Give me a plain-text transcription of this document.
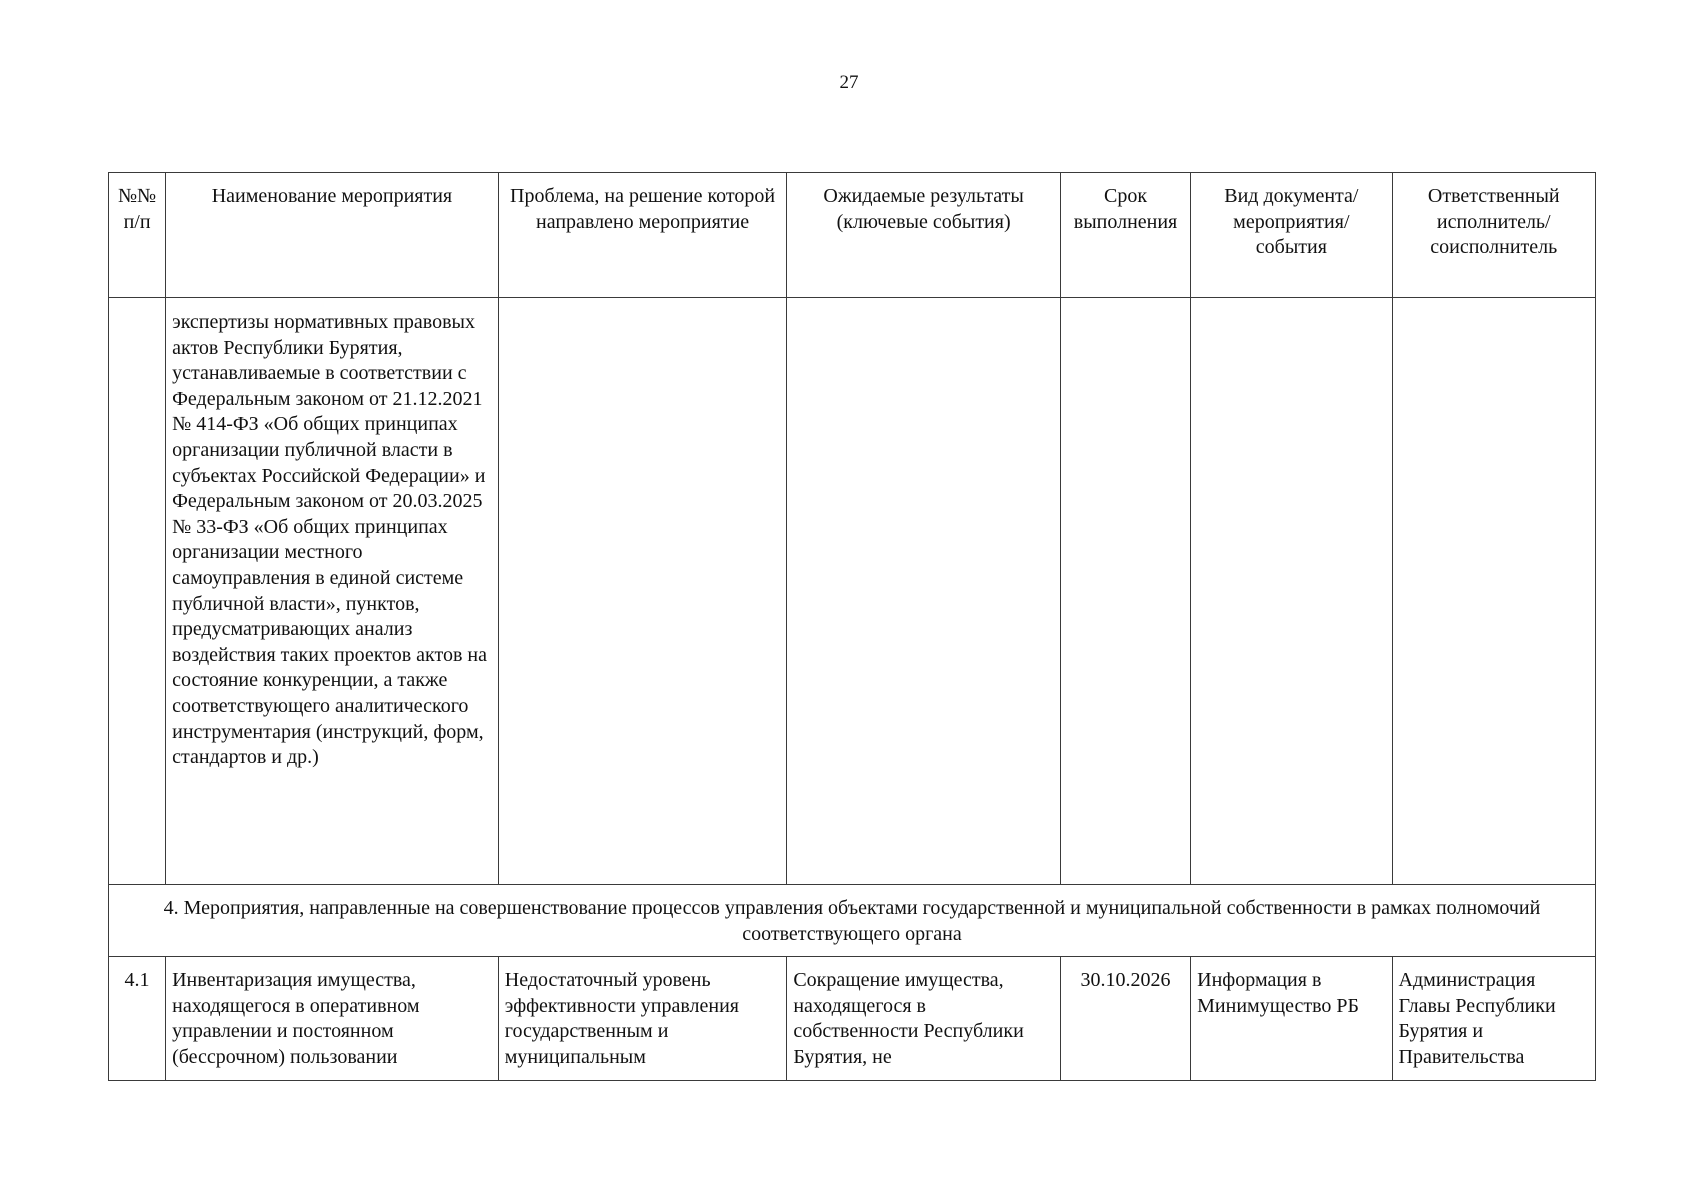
27
№№ п/п	Наименование мероприятия	Проблема, на решение которой направлено мероприятие	Ожидаемые результаты (ключевые события)	Срок выполнения	Вид документа/ мероприятия/ события	Ответственный исполнитель/ соисполнитель
	экспертизы нормативных правовых актов Республики Бурятия, устанавливаемые в соответствии с Федеральным законом от 21.12.2021 № 414-ФЗ «Об общих принципах организации публичной власти в субъектах Российской Федерации» и Федеральным законом от 20.03.2025 № 33-ФЗ «Об общих принципах организации местного самоуправления в единой системе публичной власти», пунктов, предусматривающих анализ воздействия таких проектов актов на состояние конкуренции, а также соответствующего аналитического инструментария (инструкций, форм, стандартов и др.)					
4. Мероприятия, направленные на совершенствование процессов управления объектами государственной и муниципальной собственности в рамках полномочий соответствующего органа						
4.1	Инвентаризация имущества, находящегося в оперативном управлении и постоянном (бессрочном) пользовании	Недостаточный уровень эффективности управления государственным и муниципальным	Сокращение имущества, находящегося в собственности Республики Бурятия, не	30.10.2026	Информация в Минимущество РБ	Администрация Главы Республики Бурятия и Правительства
